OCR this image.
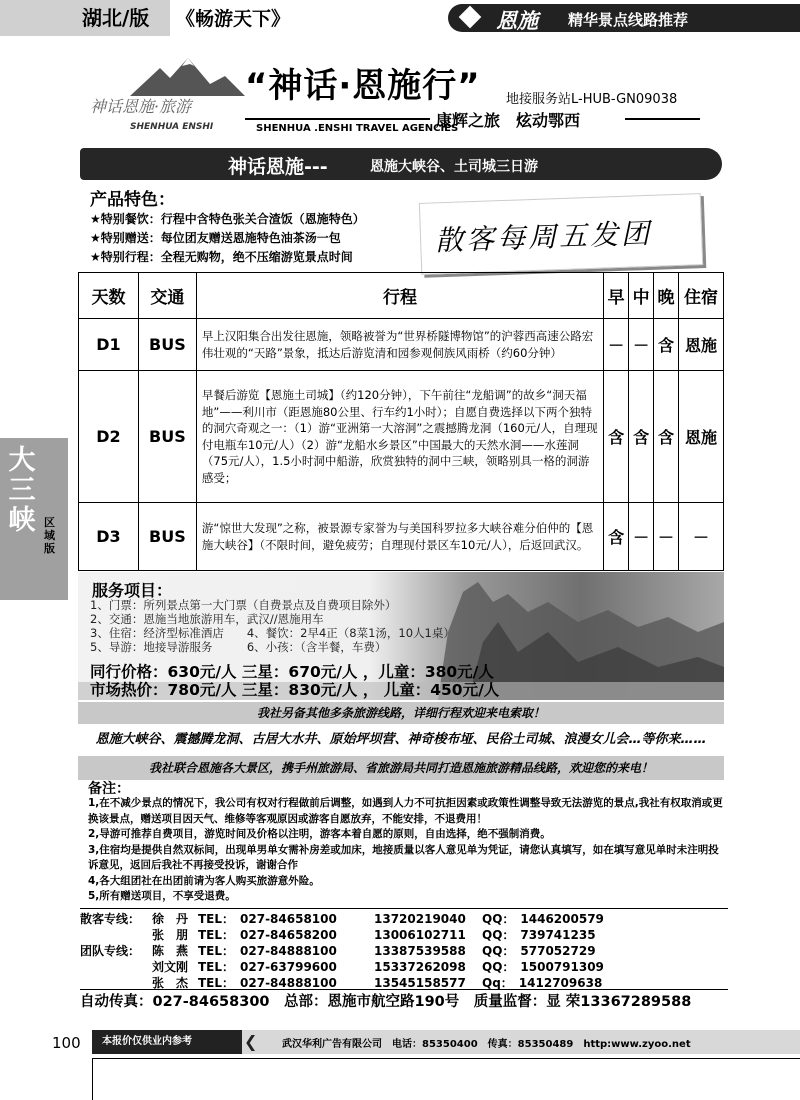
湖北/版	《畅游天下》	恩施 精华景点线路推荐
神话恩施·旅游
SHENHUA ENSHI
“神话·恩施行” 地接服务站L-HUB-GN09038
康辉之旅　炫动鄂西
SHENHUA .ENSHI TRAVEL AGENCIES
神话恩施---	恩施大峡谷、土司城三日游
产品特色：
★特别餐饮：行程中含特色张关合渣饭（恩施特色）
★特别赠送：每位团友赠送恩施特色油茶汤一包
★特别行程：全程无购物，绝不压缩游览景点时间	散客每周五发团
天数	交通	行程	早	中	晚	住宿
D1	BUS	早上汉阳集合出发往恩施，领略被誉为“世界桥隧博物馆”的沪蓉西高速公路宏伟壮观的“天路”景象，抵达后游览清和园参观侗族风雨桥（约60分钟）	－	－	含	恩施
D2	BUS	早餐后游览【恩施土司城】（约120分钟），下午前往“龙船调”的故乡“洞天福地”——利川市（距恩施80公里、行车约1小时）；自愿自费选择以下两个独特的洞穴奇观之一：（1）游“亚洲第一大溶洞”之震撼腾龙洞（160元/人，自理现付电瓶车10元/人）（2）游“龙船水乡景区”中国最大的天然水洞——水莲洞（75元/人），1.5小时洞中船游，欣赏独特的洞中三峡，领略别具一格的洞游感受；	含	含	含	恩施
D3	BUS	游“惊世大发现”之称，被景源专家誉为与美国科罗拉多大峡谷难分伯仲的【恩施大峡谷】（不限时间，避免疲劳；自理现付景区车10元/人），后返回武汉。	含	－	－	－
大三峡 区域版
服务项目：
1、门票：所列景点第一大门票（自费景点及自费项目除外）
2、交通：恩施当地旅游用车，武汉//恩施用车
3、住宿：经济型标准酒店　　4、餐饮：2早4正（8菜1汤，10人1桌）
5、导游：地接导游服务　　　6、小孩：（含半餐，车费）
同行价格：630元/人 三星：670元/人 ，儿童：380元/人
市场热价：780元/人 三星：830元/人 ， 儿童：450元/人
我社另备其他多条旅游线路，详细行程欢迎来电索取！
恩施大峡谷、震撼腾龙洞、古居大水井、原始坪坝营、神奇梭布垭、民俗土司城、浪漫女儿会…等你来……
我社联合恩施各大景区，携手州旅游局、省旅游局共同打造恩施旅游精品线路，欢迎您的来电！
备注：
1,在不减少景点的情况下，我公司有权对行程做前后调整，如遇到人力不可抗拒因素或政策性调整导致无法游览的景点,我社有权取消或更换该景点，赠送项目因天气、维修等客观原因或游客自愿放弃，不能安排，不退费用！
2,导游可推荐自费项目，游览时间及价格以注明，游客本着自愿的原则，自由选择，绝不强制消费。
3,住宿均是提供自然双标间，出现单男单女需补房差或加床，地接质量以客人意见单为凭证，请您认真填写，如在填写意见单时未注明投诉意见，返回后我社不再接受投诉，谢谢合作
4,各大组团社在出团前请为客人购买旅游意外险。
5,所有赠送项目，不享受退费。
散客专线： 徐　丹 TEL：　027-84658100	13720219040 QQ：　1446200579
张　朋 TEL：　027-84658200	13006102711 QQ：　739741235
团队专线： 陈　燕 TEL：　027-84888100	13387539588 QQ：　577052729
刘文刚 TEL：　027-63799600	15337262098 QQ：　1500791309
张　杰 TEL：　027-84888100	13545158577 Qq：　1412709638
自动传真：027-84658300　总部：恩施市航空路190号　质量监督：显 荣13367289588
100	本报价仅供业内参考	❮ 武汉华利广告有限公司　电话：85350400　传真：85350489　http:www.zyoo.net
